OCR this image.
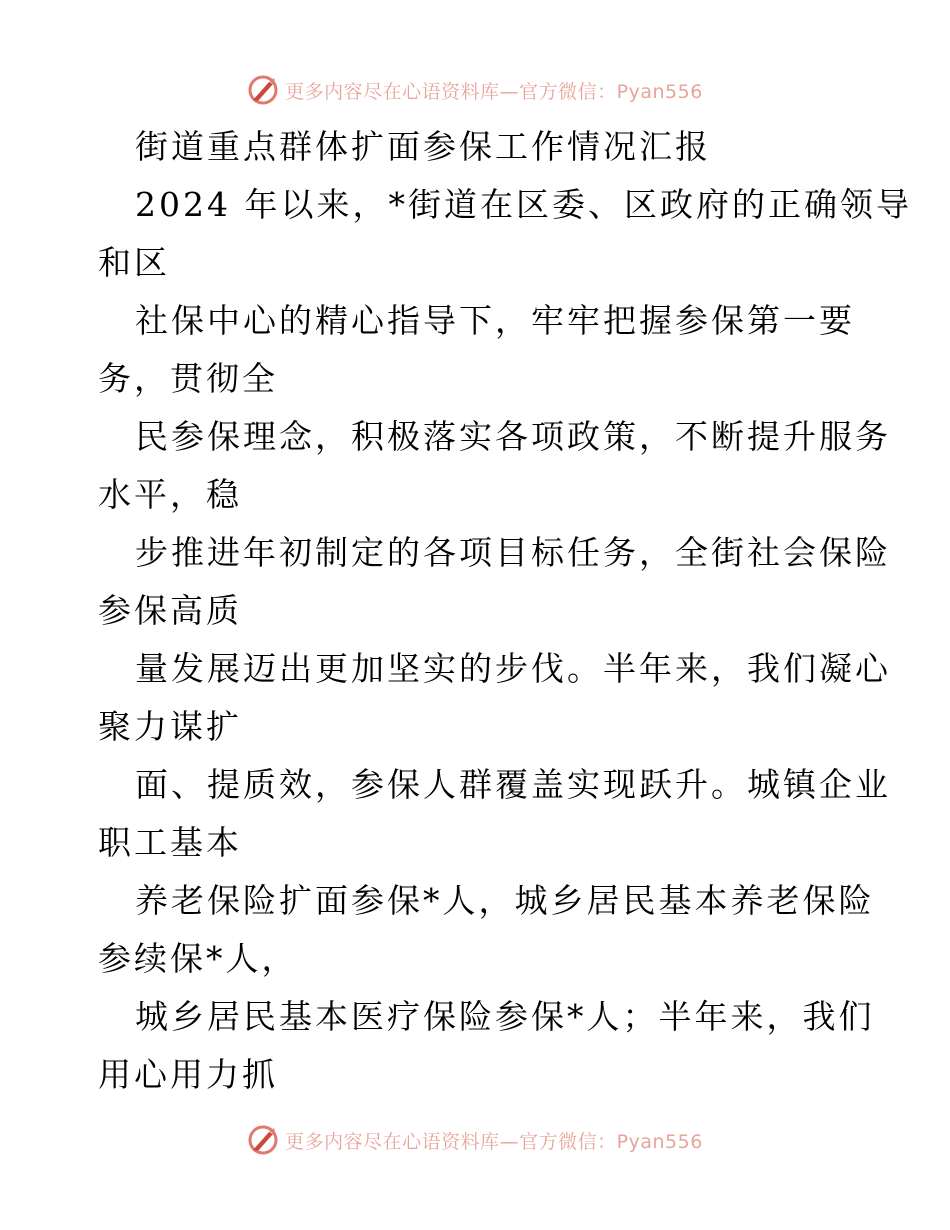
更多内容尽在心语资料库—官方微信：Pyan556
街道重点群体扩面参保工作情况汇报
2024 年以来，*街道在区委、区政府的正确领导
和区
社保中心的精心指导下，牢牢把握参保第一要
务，贯彻全
民参保理念，积极落实各项政策，不断提升服务
水平，稳
步推进年初制定的各项目标任务，全街社会保险
参保高质
量发展迈出更加坚实的步伐。半年来，我们凝心
聚力谋扩
面、提质效，参保人群覆盖实现跃升。城镇企业
职工基本
养老保险扩面参保*人，城乡居民基本养老保险
参续保*人，
城乡居民基本医疗保险参保*人；半年来，我们
用心用力抓
更多内容尽在心语资料库—官方微信：Pyan556
